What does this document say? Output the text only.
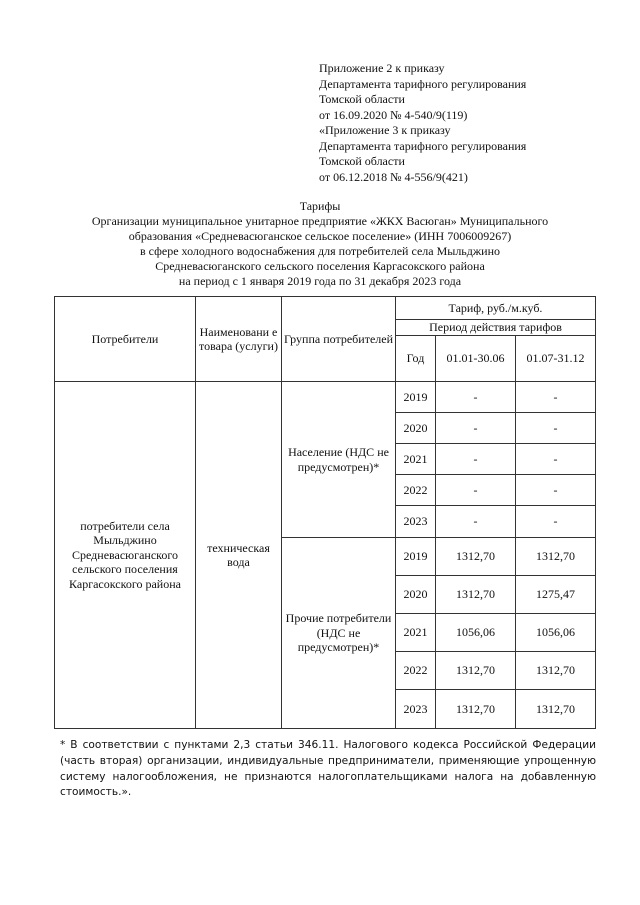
Приложение 2 к приказу
Департамента тарифного регулирования
Томской области
от 16.09.2020 № 4-540/9(119)
«Приложение 3 к приказу
Департамента тарифного регулирования
Томской области
от 06.12.2018 № 4-556/9(421)
Тарифы
Организации муниципальное унитарное предприятие «ЖКХ Васюган» Муниципального
образования «Средневасюганское сельское поселение» (ИНН 7006009267)
в сфере холодного водоснабжения для потребителей села Мыльджино
Средневасюганского сельского поселения Каргасокского района
на период с 1 января 2019 года по 31 декабря 2023 года
Потребители	Наименовани е товара (услуги)	Группа потребителей	Тариф, руб./м.куб.		
			Период действия тарифов		
			Год	01.01-30.06	01.07-31.12
потребители села Мыльджино Средневасюганского сельского поселения Каргасокского района	техническая вода	Население (НДС не предусмотрен)*	2019	-	-
			2020	-	-
			2021	-	-
			2022	-	-
			2023	-	-
		Прочие потребители (НДС не предусмотрен)*	2019	1312,70	1312,70
			2020	1312,70	1275,47
			2021	1056,06	1056,06
			2022	1312,70	1312,70
			2023	1312,70	1312,70
* В соответствии с пунктами 2,3 статьи 346.11. Налогового кодекса Российской Федерации (часть вторая) организации, индивидуальные предприниматели, применяющие упрощенную систему налогообложения, не признаются налогоплательщиками налога на добавленную стоимость.».
